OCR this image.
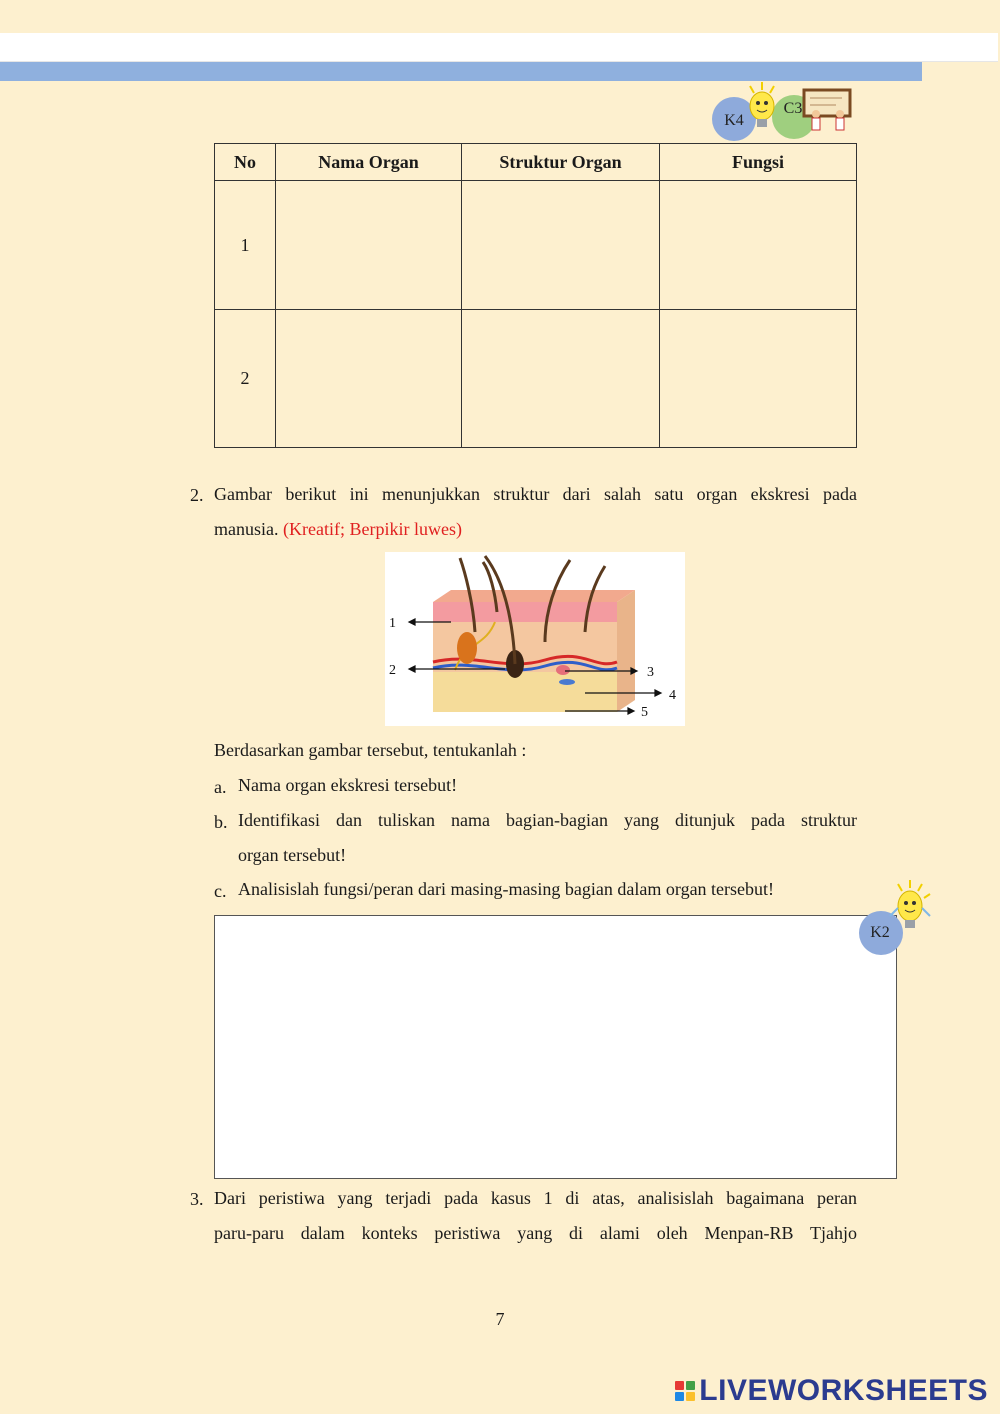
C3
K4
No	Nama Organ	Struktur Organ	Fungsi
1			
2			
2. Gambar berikut ini menunjukkan struktur dari salah satu organ ekskresi pada
manusia. (Kreatif; Berpikir luwes)
1
2	3
4
5
Berdasarkan gambar tersebut, tentukanlah :
a. Nama organ ekskresi tersebut!
b. Identifikasi dan tuliskan nama bagian-bagian yang ditunjuk pada struktur
organ tersebut!
c. Analisislah fungsi/peran dari masing-masing bagian dalam organ tersebut!
K2
3. Dari peristiwa yang terjadi pada kasus 1 di atas, analisislah bagaimana peran
paru-paru dalam konteks peristiwa yang di alami oleh Menpan-RB Tjahjo
7
LIVEWORKSHEETS
